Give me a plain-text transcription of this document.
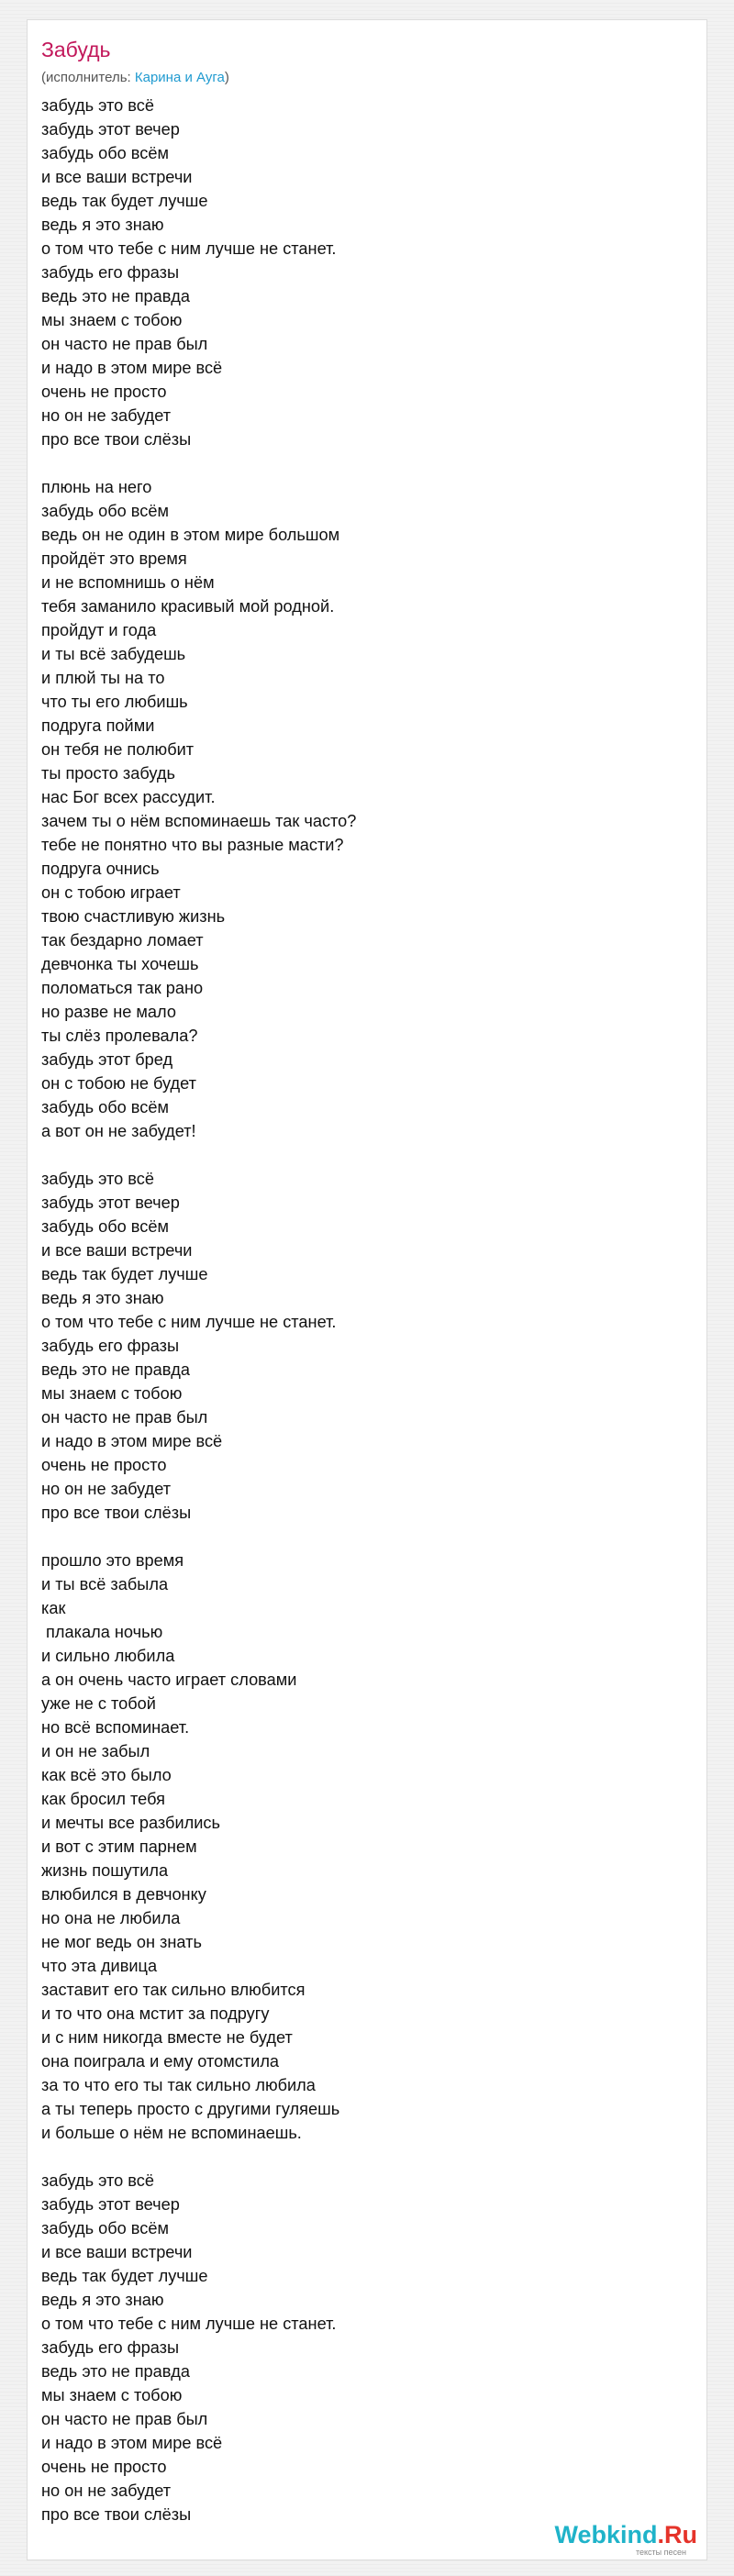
Забудь
(исполнитель: Карина и Ауга)
забудь это всё
забудь этот вечер
забудь обо всём
и все ваши встречи
ведь так будет лучше
ведь я это знаю
о том что тебе с ним лучше не станет.
забудь его фразы
ведь это не правда
мы знаем с тобою
он часто не прав был
и надо в этом мире всё
очень не просто
но он не забудет
про все твои слёзы

плюнь на него
забудь обо всём
ведь он не один в этом мире большом
пройдёт это время
и не вспомнишь о нём
тебя заманило красивый мой родной.
пройдут и года
и ты всё забудешь
и плюй ты на то
что ты его любишь
подруга пойми
он тебя не полюбит
ты просто забудь
нас Бог всех рассудит.
зачем ты о нём вспоминаешь так часто?
тебе не понятно что вы разные масти?
подруга очнись
он с тобою играет
твою счастливую жизнь
так бездарно ломает
девчонка ты хочешь
поломаться так рано
но разве не мало
ты слёз пролевала?
забудь этот бред
он с тобою не будет
забудь обо всём
а вот он не забудет!

забудь это всё
забудь этот вечер
забудь обо всём
и все ваши встречи
ведь так будет лучше
ведь я это знаю
о том что тебе с ним лучше не станет.
забудь его фразы
ведь это не правда
мы знаем с тобою
он часто не прав был
и надо в этом мире всё
очень не просто
но он не забудет
про все твои слёзы

прошло это время
и ты всё забыла
как
плакала ночью
и сильно любила
а он очень часто играет словами
уже не с тобой
но всё вспоминает.
и он не забыл
как всё это было
как бросил тебя
и мечты все разбились
и вот с этим парнем
жизнь пошутила
влюбился в девчонку
но она не любила
не мог ведь он знать
что эта дивица
заставит его так сильно влюбится
и то что она мстит за подругу
и с ним никогда вместе не будет
она поиграла и ему отомстила
за то что его ты так сильно любила
а ты теперь просто с другими гуляешь
и больше о нём не вспоминаешь.

забудь это всё
забудь этот вечер
забудь обо всём
и все ваши встречи
ведь так будет лучше
ведь я это знаю
о том что тебе с ним лучше не станет.
забудь его фразы
ведь это не правда
мы знаем с тобою
он часто не прав был
и надо в этом мире всё
очень не просто
но он не забудет
про все твои слёзы
Webkind.Ru
тексты песен
